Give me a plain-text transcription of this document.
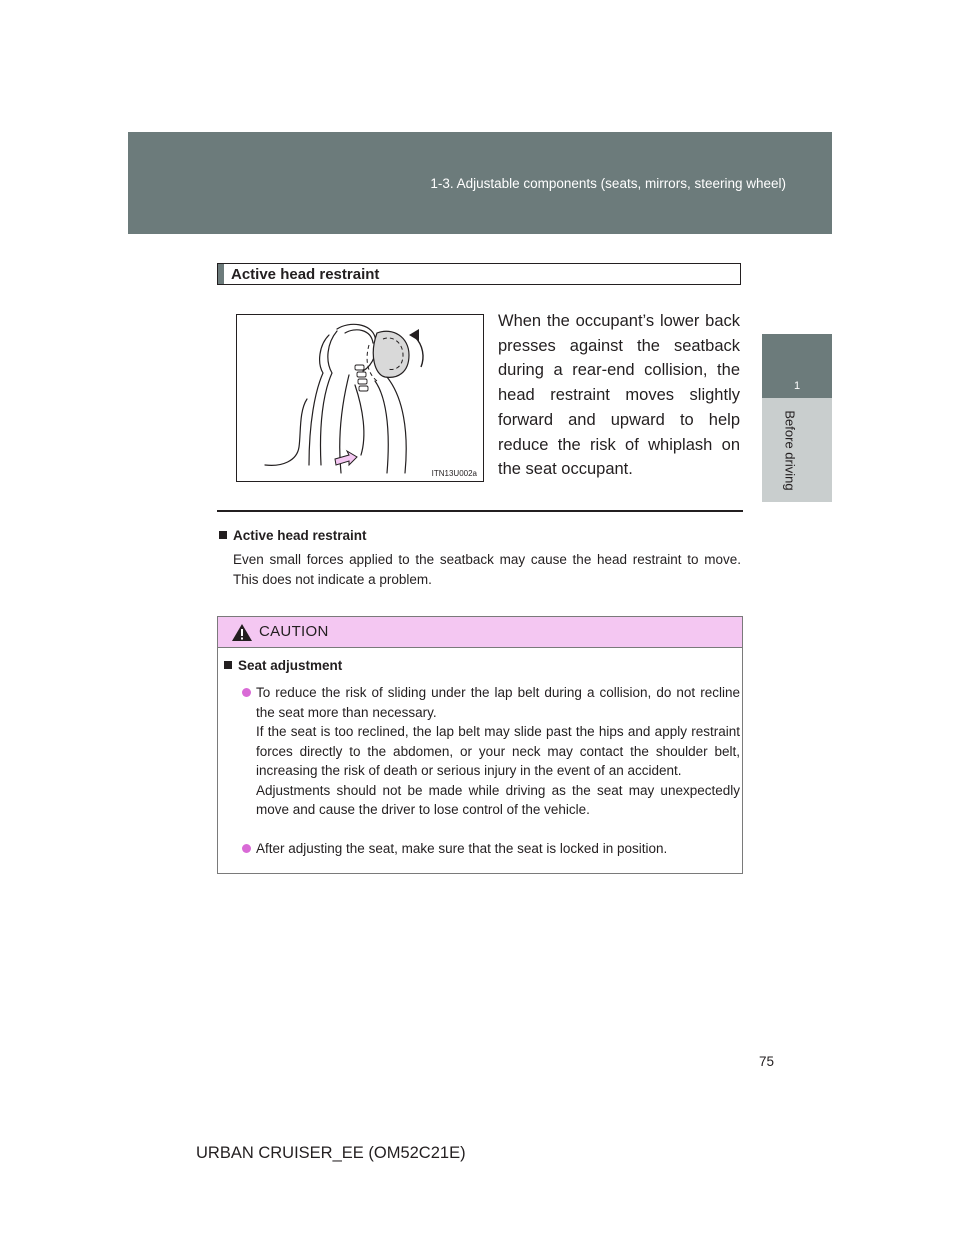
1-3. Adjustable components (seats, mirrors, steering wheel)
1
Before driving
Active head restraint
ITN13U002a
When the occupant’s lower back presses against the seatback during a rear-end collision, the head restraint moves slightly forward and upward to help reduce the risk of whiplash on the seat occupant.
Active head restraint
Even small forces applied to the seatback may cause the head restraint to move. This does not indicate a problem.
CAUTION
Seat adjustment

To reduce the risk of sliding under the lap belt during a collision, do not recline the seat more than necessary.

If the seat is too reclined, the lap belt may slide past the hips and apply restraint forces directly to the abdomen, or your neck may contact the shoulder belt, increasing the risk of death or serious injury in the event of an accident.

Adjustments should not be made while driving as the seat may unexpectedly move and cause the driver to lose control of the vehicle.

After adjusting the seat, make sure that the seat is locked in position.

75
URBAN CRUISER_EE (OM52C21E)
